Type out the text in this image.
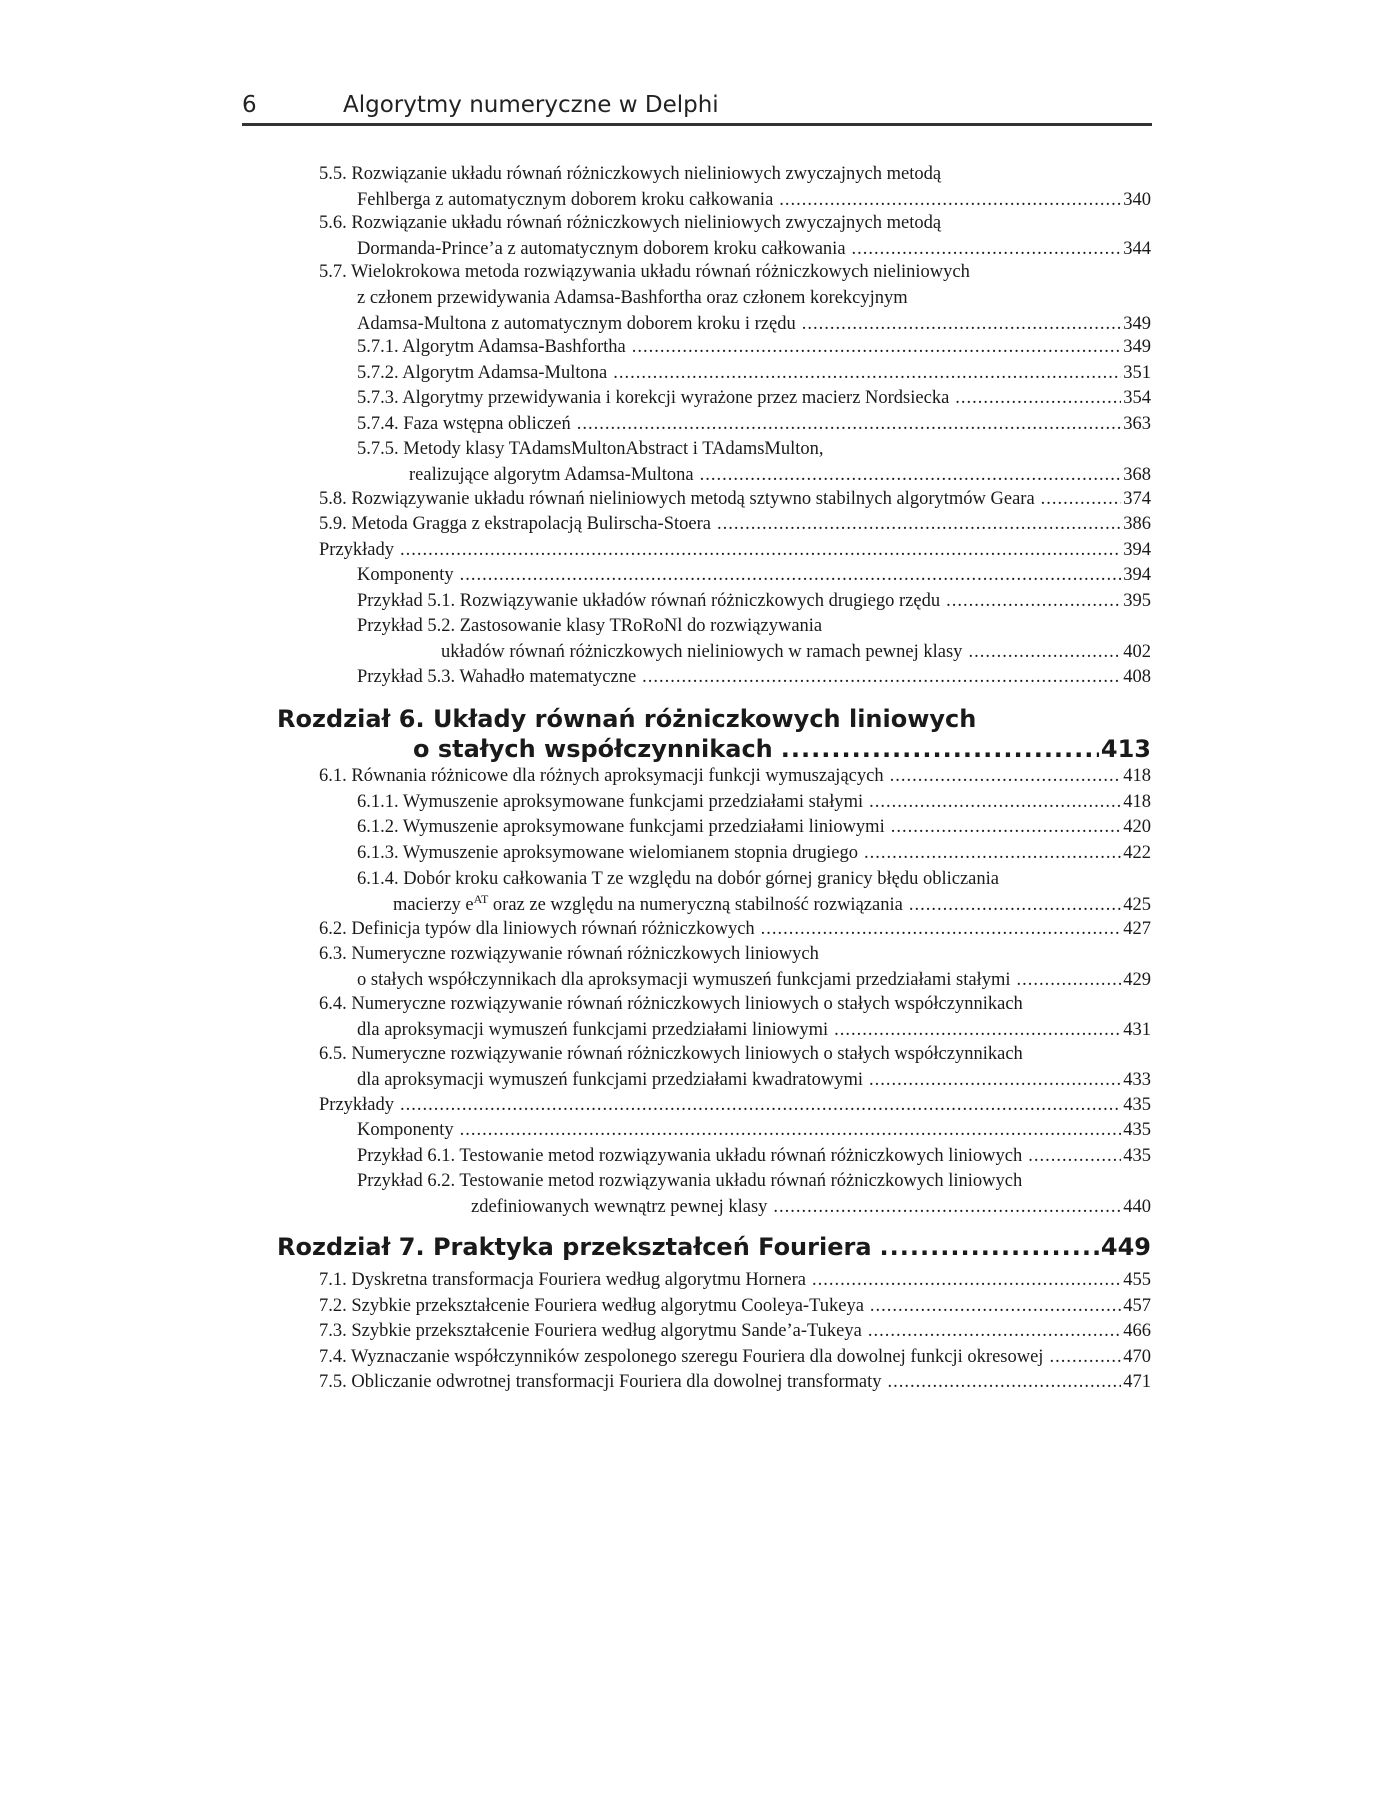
6	Algorytmy numeryczne w Delphi
5.5. Rozwiązanie układu równań różniczkowych nieliniowych zwyczajnych metodą
Fehlberga z automatycznym doborem kroku całkowania .....	340
5.6. Rozwiązanie układu równań różniczkowych nieliniowych zwyczajnych metodą
Dormanda-Prince’a z automatycznym doborem kroku całkowania .....	344
5.7. Wielokrokowa metoda rozwiązywania układu równań różniczkowych nieliniowych
z członem przewidywania Adamsa-Bashfortha oraz członem korekcyjnym
Adamsa-Multona z automatycznym doborem kroku i rzędu .....	349
5.7.1. Algorytm Adamsa-Bashfortha .....	349
5.7.2. Algorytm Adamsa-Multona .....	351
5.7.3. Algorytmy przewidywania i korekcji wyrażone przez macierz Nordsiecka .....	354
5.7.4. Faza wstępna obliczeń .....	363
5.7.5. Metody klasy TAdamsMultonAbstract i TAdamsMulton,
realizujące algorytm Adamsa-Multona .....	368
5.8. Rozwiązywanie układu równań nieliniowych metodą sztywno stabilnych algorytmów Geara .....	374
5.9. Metoda Gragga z ekstrapolacją Bulirscha-Stoera .....	386
Przykłady .....	394
Komponenty .....	394
Przykład 5.1. Rozwiązywanie układów równań różniczkowych drugiego rzędu .....	395
Przykład 5.2. Zastosowanie klasy TRoRoNl do rozwiązywania
układów równań różniczkowych nieliniowych w ramach pewnej klasy .....	402
Przykład 5.3. Wahadło matematyczne .....	408
Rozdział 6. Układy równań różniczkowych liniowych
o stałych współczynnikach .....	413
6.1. Równania różnicowe dla różnych aproksymacji funkcji wymuszających .....	418
6.1.1. Wymuszenie aproksymowane funkcjami przedziałami stałymi .....	418
6.1.2. Wymuszenie aproksymowane funkcjami przedziałami liniowymi .....	420
6.1.3. Wymuszenie aproksymowane wielomianem stopnia drugiego .....	422
6.1.4. Dobór kroku całkowania T ze względu na dobór górnej granicy błędu obliczania
macierzy $e^{AT}$ oraz ze względu na numeryczną stabilność rozwiązania .....	425
6.2. Definicja typów dla liniowych równań różniczkowych .....	427
6.3. Numeryczne rozwiązywanie równań różniczkowych liniowych
o stałych współczynnikach dla aproksymacji wymuszeń funkcjami przedziałami stałymi .....	429
6.4. Numeryczne rozwiązywanie równań różniczkowych liniowych o stałych współczynnikach
dla aproksymacji wymuszeń funkcjami przedziałami liniowymi .....	431
6.5. Numeryczne rozwiązywanie równań różniczkowych liniowych o stałych współczynnikach
dla aproksymacji wymuszeń funkcjami przedziałami kwadratowymi .....	433
Przykłady .....	435
Komponenty .....	435
Przykład 6.1. Testowanie metod rozwiązywania układu równań różniczkowych liniowych .....	435
Przykład 6.2. Testowanie metod rozwiązywania układu równań różniczkowych liniowych
zdefiniowanych wewnątrz pewnej klasy .....	440
Rozdział 7. Praktyka przekształceń Fouriera .....	449
7.1. Dyskretna transformacja Fouriera według algorytmu Hornera .....	455
7.2. Szybkie przekształcenie Fouriera według algorytmu Cooleya-Tukeya .....	457
7.3. Szybkie przekształcenie Fouriera według algorytmu Sande’a-Tukeya .....	466
7.4. Wyznaczanie współczynników zespolonego szeregu Fouriera dla dowolnej funkcji okresowej .....	470
7.5. Obliczanie odwrotnej transformacji Fouriera dla dowolnej transformaty .....	471
